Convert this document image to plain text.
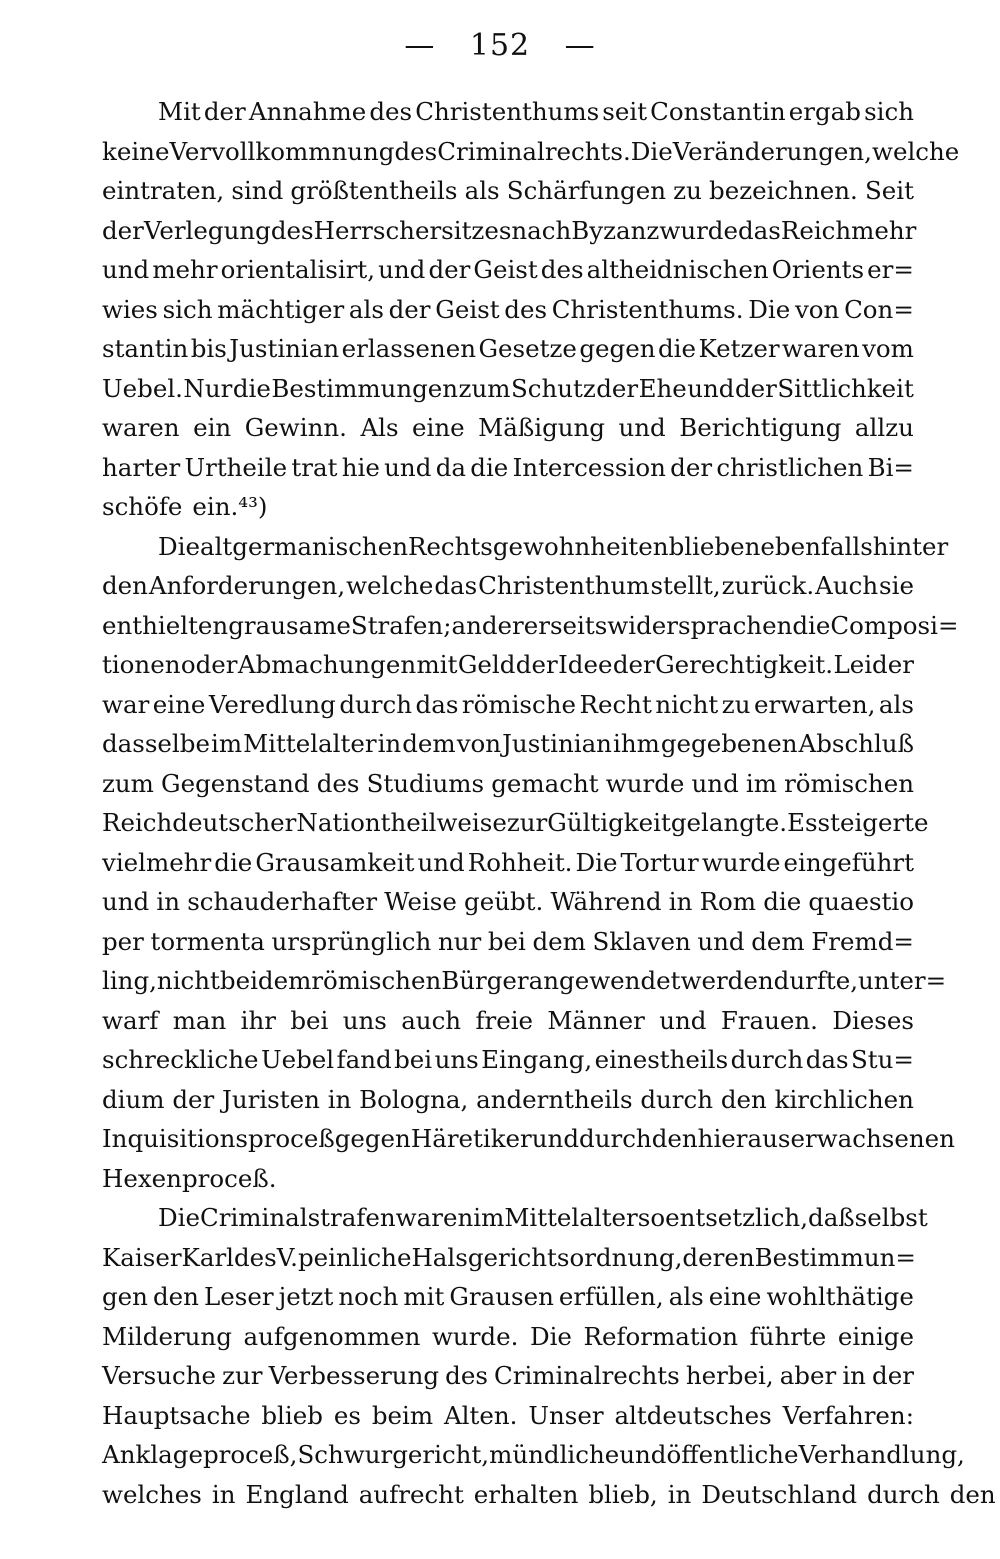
— 152 —
Mit der Annahme des Christenthums seit Constantin ergab sich
keine Vervollkommnung des Criminalrechts. Die Veränderungen, welche
eintraten, sind größtentheils als Schärfungen zu bezeichnen. Seit
der Verlegung des Herrschersitzes nach Byzanz wurde das Reich mehr
und mehr orientalisirt, und der Geist des altheidnischen Orients er=
wies sich mächtiger als der Geist des Christenthums. Die von Con=
stantin bis Justinian erlassenen Gesetze gegen die Ketzer waren vom
Uebel. Nur die Bestimmungen zum Schutz der Ehe und der Sittlichkeit
waren ein Gewinn. Als eine Mäßigung und Berichtigung allzu
harter Urtheile trat hie und da die Intercession der christlichen Bi=
schöfe ein.⁴³)
Die altgermanischen Rechtsgewohnheiten blieben ebenfalls hinter
den Anforderungen, welche das Christenthum stellt, zurück. Auch sie
enthielten grausame Strafen; andererseits widersprachen die Composi=
tionen oder Abmachungen mit Geld der Idee der Gerechtigkeit. Leider
war eine Veredlung durch das römische Recht nicht zu erwarten, als
dasselbe im Mittelalter in dem von Justinian ihm gegebenen Abschluß
zum Gegenstand des Studiums gemacht wurde und im römischen
Reich deutscher Nation theilweise zur Gültigkeit gelangte. Es steigerte
vielmehr die Grausamkeit und Rohheit. Die Tortur wurde eingeführt
und in schauderhafter Weise geübt. Während in Rom die quaestio
per tormenta ursprünglich nur bei dem Sklaven und dem Fremd=
ling, nicht bei dem römischen Bürger angewendet werden durfte, unter=
warf man ihr bei uns auch freie Männer und Frauen. Dieses
schreckliche Uebel fand bei uns Eingang, einestheils durch das Stu=
dium der Juristen in Bologna, anderntheils durch den kirchlichen
Inquisitionsproceß gegen Häretiker und durch den hieraus erwachsenen
Hexenproceß.
Die Criminalstrafen waren im Mittelalter so entsetzlich, daß selbst
Kaiser Karl des V. peinliche Halsgerichtsordnung, deren Bestimmun=
gen den Leser jetzt noch mit Grausen erfüllen, als eine wohlthätige
Milderung aufgenommen wurde. Die Reformation führte einige
Versuche zur Verbesserung des Criminalrechts herbei, aber in der
Hauptsache blieb es beim Alten. Unser altdeutsches Verfahren:
Anklageproceß, Schwurgericht, mündliche und öffentliche Verhandlung,
welches in England aufrecht erhalten blieb, in Deutschland durch den
